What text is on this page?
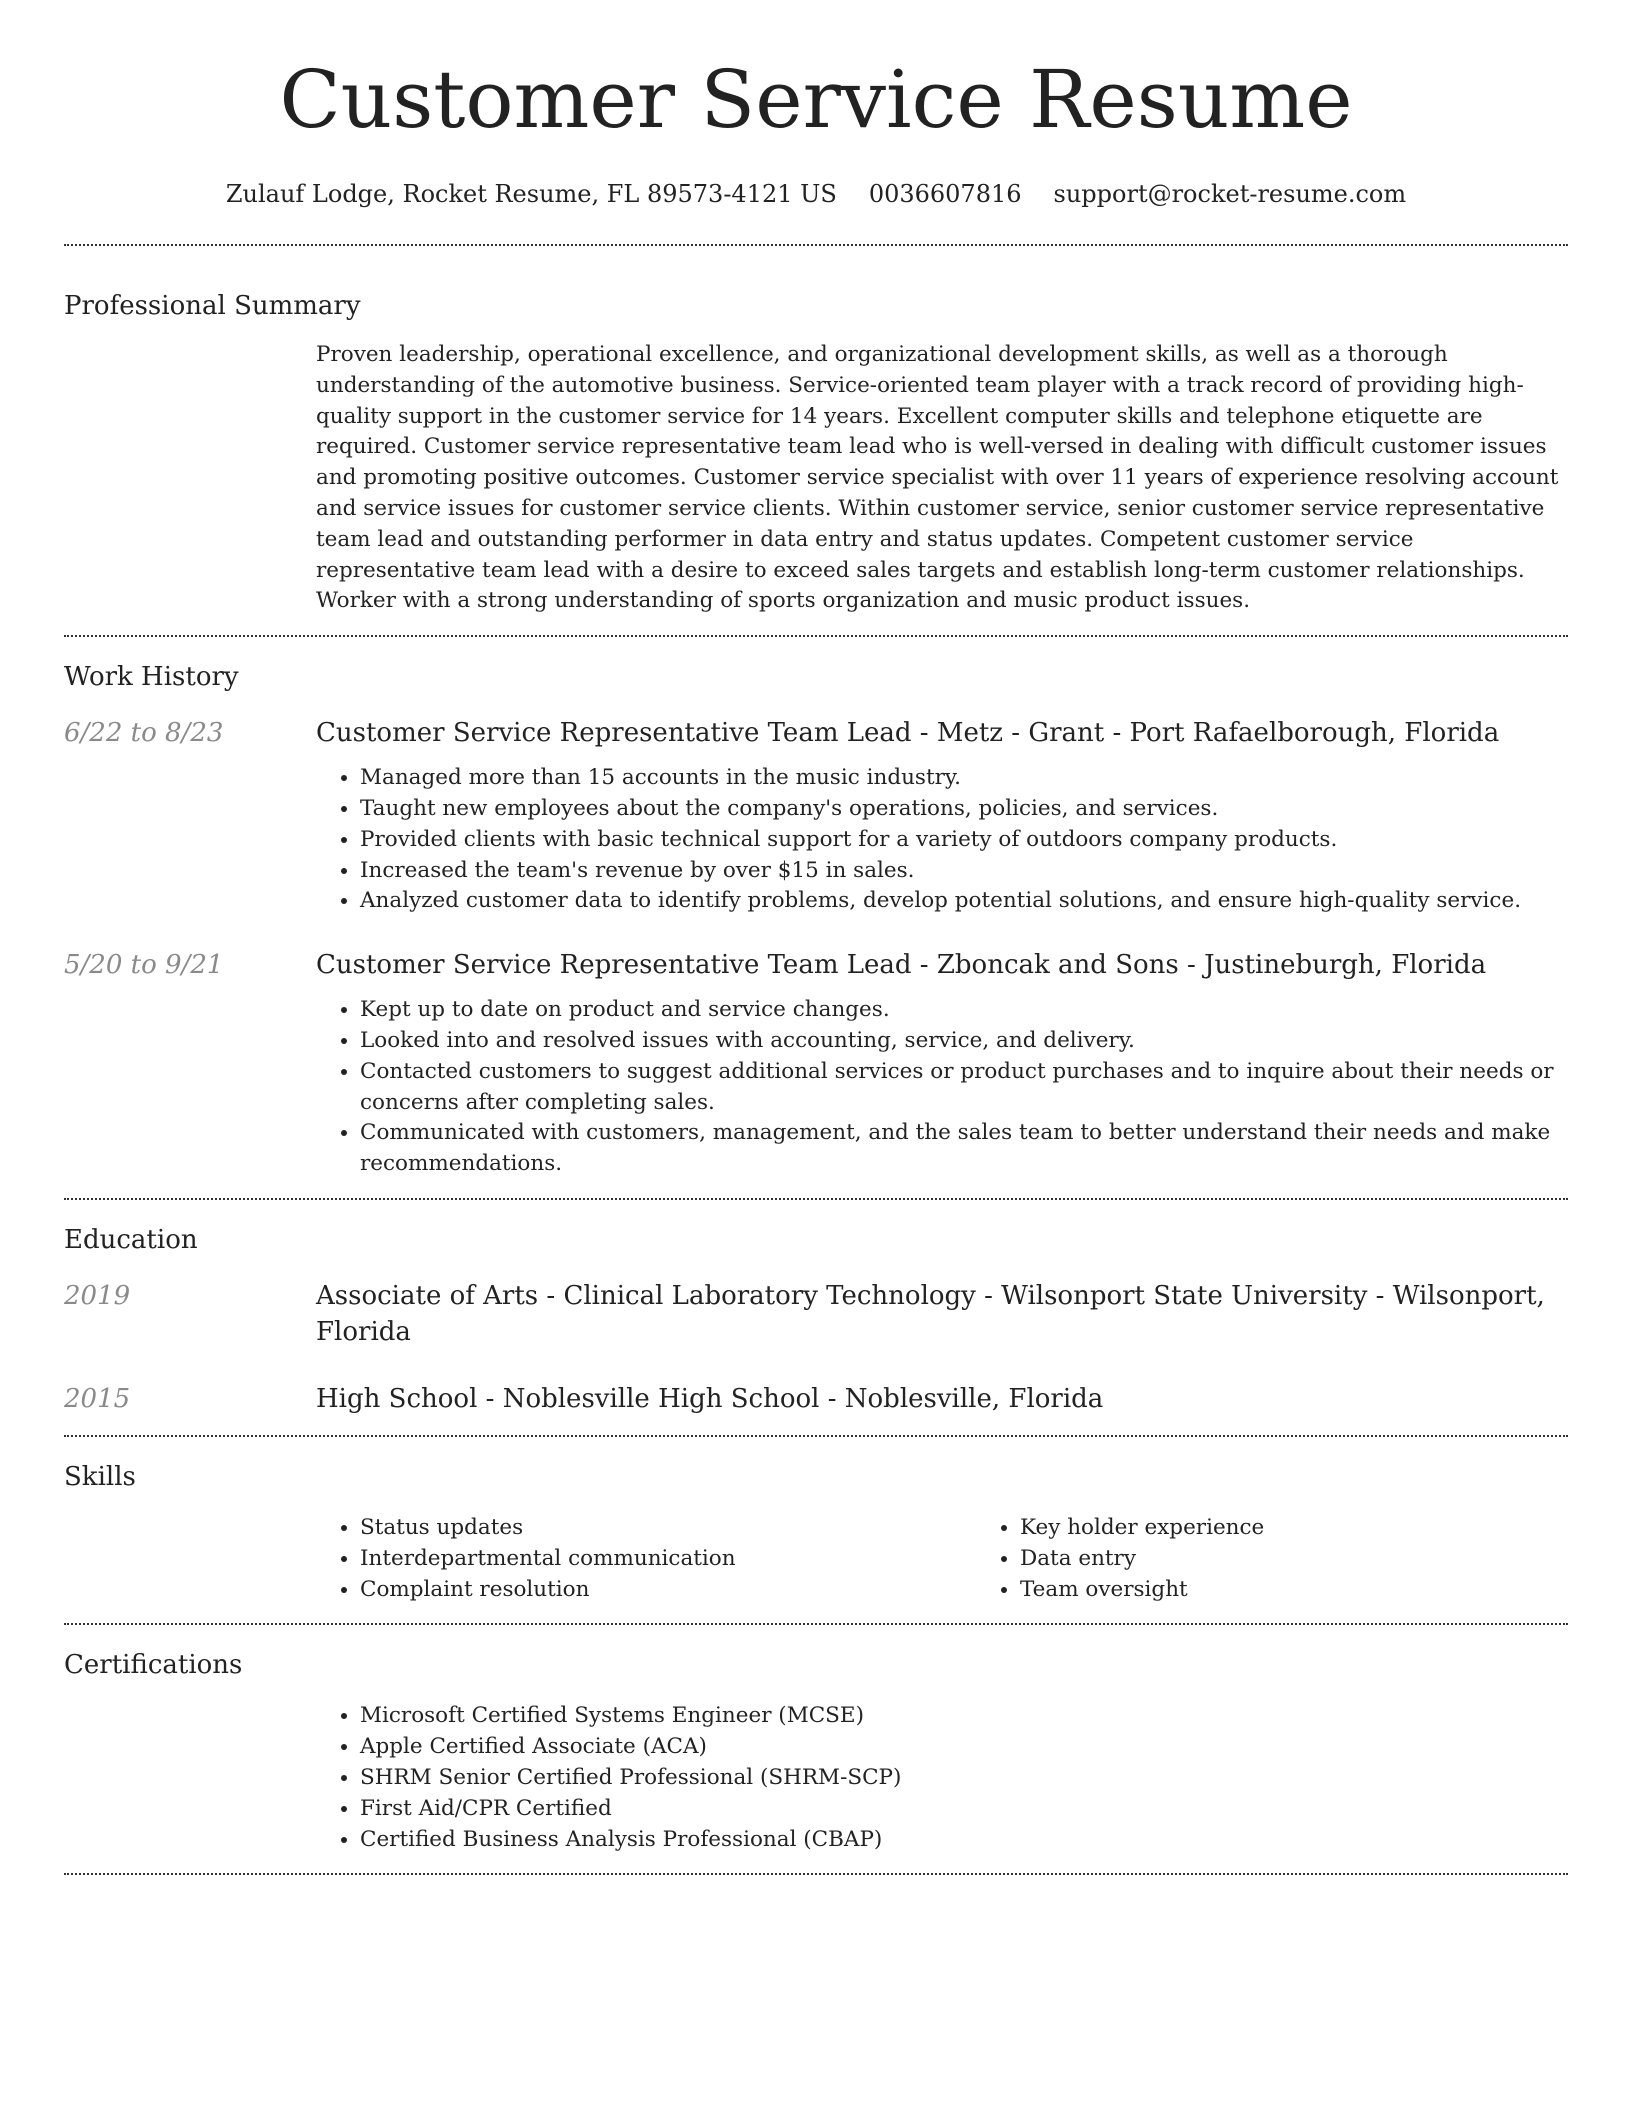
Customer Service Resume
Zulauf Lodge, Rocket Resume, FL 89573-4121 US 0036607816 support@rocket-resume.com
Professional Summary

Proven leadership, operational excellence, and organizational development skills, as well as a thorough understanding of the automotive business. Service-oriented team player with a track record of providing high-quality support in the customer service for 14 years. Excellent computer skills and telephone etiquette are required. Customer service representative team lead who is well-versed in dealing with difficult customer issues and promoting positive outcomes. Customer service specialist with over 11 years of experience resolving account and service issues for customer service clients. Within customer service, senior customer service representative team lead and outstanding performer in data entry and status updates. Competent customer service representative team lead with a desire to exceed sales targets and establish long-term customer relationships. Worker with a strong understanding of sports organization and music product issues.

Work History
6/22 to 8/23	Customer Service Representative Team Lead - Metz - Grant - Port Rafaelborough, Florida
• Managed more than 15 accounts in the music industry.
• Taught new employees about the company's operations, policies, and services.
• Provided clients with basic technical support for a variety of outdoors company products.
• Increased the team's revenue by over $15 in sales.
• Analyzed customer data to identify problems, develop potential solutions, and ensure high-quality service.
5/20 to 9/21	Customer Service Representative Team Lead - Zboncak and Sons - Justineburgh, Florida
• Kept up to date on product and service changes.
• Looked into and resolved issues with accounting, service, and delivery.
• Contacted customers to suggest additional services or product purchases and to inquire about their needs or concerns after completing sales.
• Communicated with customers, management, and the sales team to better understand their needs and make recommendations.
Education
2019	Associate of Arts - Clinical Laboratory Technology - Wilsonport State University - Wilsonport, Florida
2015	High School - Noblesville High School - Noblesville, Florida
Skills
• Status updates
• Interdepartmental communication
• Complaint resolution
• Key holder experience
• Data entry
• Team oversight
Certifications
• Microsoft Certified Systems Engineer (MCSE)
• Apple Certified Associate (ACA)
• SHRM Senior Certified Professional (SHRM-SCP)
• First Aid/CPR Certified
• Certified Business Analysis Professional (CBAP)
